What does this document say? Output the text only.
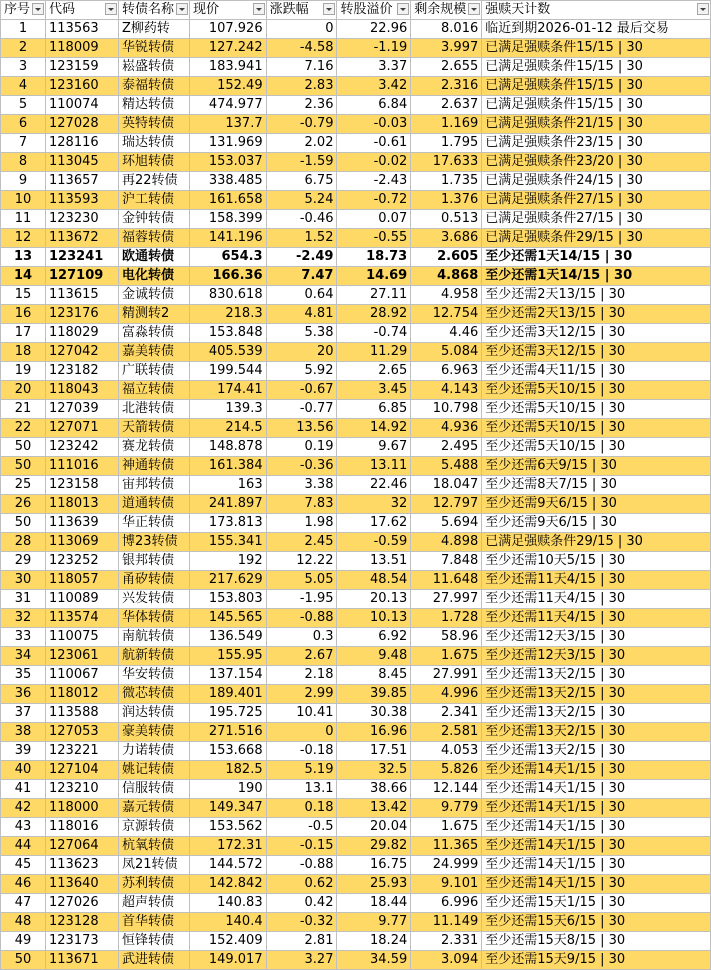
序号	代码	转债名称	现价	涨跌幅	转股溢价	剩余规模	强赎天计数

1	113563	Z柳药转	107.926	0	22.96	8.016	临近到期2026-01-12 最后交易
2	118009	华锐转债	127.242	-4.58	-1.19	3.997	已满足强赎条件15/15 | 30
3	123159	崧盛转债	183.941	7.16	3.37	2.655	已满足强赎条件15/15 | 30
4	123160	泰福转债	152.49	2.83	3.42	2.316	已满足强赎条件15/15 | 30
5	110074	精达转债	474.977	2.36	6.84	2.637	已满足强赎条件15/15 | 30
6	127028	英特转债	137.7	-0.79	-0.03	1.169	已满足强赎条件21/15 | 30
7	128116	瑞达转债	131.969	2.02	-0.61	1.795	已满足强赎条件23/15 | 30
8	113045	环旭转债	153.037	-1.59	-0.02	17.633	已满足强赎条件23/20 | 30
9	113657	再22转债	338.485	6.75	-2.43	1.735	已满足强赎条件24/15 | 30
10	113593	沪工转债	161.658	5.24	-0.72	1.376	已满足强赎条件27/15 | 30
11	123230	金钟转债	158.399	-0.46	0.07	0.513	已满足强赎条件27/15 | 30
12	113672	福蓉转债	141.196	1.52	-0.55	3.686	已满足强赎条件29/15 | 30
13	123241	欧通转债	654.3	-2.49	18.73	2.605	至少还需1天14/15 | 30
14	127109	电化转债	166.36	7.47	14.69	4.868	至少还需1天14/15 | 30
15	113615	金诚转债	830.618	0.64	27.11	4.958	至少还需2天13/15 | 30
16	123176	精测转2	218.3	4.81	28.92	12.754	至少还需2天13/15 | 30
17	118029	富淼转债	153.848	5.38	-0.74	4.46	至少还需3天12/15 | 30
18	127042	嘉美转债	405.539	20	11.29	5.084	至少还需3天12/15 | 30
19	123182	广联转债	199.544	5.92	2.65	6.963	至少还需4天11/15 | 30
20	118043	福立转债	174.41	-0.67	3.45	4.143	至少还需5天10/15 | 30
21	127039	北港转债	139.3	-0.77	6.85	10.798	至少还需5天10/15 | 30
22	127071	天箭转债	214.5	13.56	14.92	4.936	至少还需5天10/15 | 30
50	123242	赛龙转债	148.878	0.19	9.67	2.495	至少还需5天10/15 | 30
50	111016	神通转债	161.384	-0.36	13.11	5.488	至少还需6天9/15 | 30
25	123158	宙邦转债	163	3.38	22.46	18.047	至少还需8天7/15 | 30
26	118013	道通转债	241.897	7.83	32	12.797	至少还需9天6/15 | 30
50	113639	华正转债	173.813	1.98	17.62	5.694	至少还需9天6/15 | 30
28	113069	博23转债	155.341	2.45	-0.59	4.898	已满足强赎条件29/15 | 30
29	123252	银邦转债	192	12.22	13.51	7.848	至少还需10天5/15 | 30
30	118057	甬矽转债	217.629	5.05	48.54	11.648	至少还需11天4/15 | 30
31	110089	兴发转债	153.803	-1.95	20.13	27.997	至少还需11天4/15 | 30
32	113574	华体转债	145.565	-0.88	10.13	1.728	至少还需11天4/15 | 30
33	110075	南航转债	136.549	0.3	6.92	58.96	至少还需12天3/15 | 30
34	123061	航新转债	155.95	2.67	9.48	1.675	至少还需12天3/15 | 30
35	110067	华安转债	137.154	2.18	8.45	27.991	至少还需13天2/15 | 30
36	118012	微芯转债	189.401	2.99	39.85	4.996	至少还需13天2/15 | 30
37	113588	润达转债	195.725	10.41	30.38	2.341	至少还需13天2/15 | 30
38	127053	豪美转债	271.516	0	16.96	2.581	至少还需13天2/15 | 30
39	123221	力诺转债	153.668	-0.18	17.51	4.053	至少还需13天2/15 | 30
40	127104	姚记转债	182.5	5.19	32.5	5.826	至少还需14天1/15 | 30
41	123210	信服转债	190	13.1	38.66	12.144	至少还需14天1/15 | 30
42	118000	嘉元转债	149.347	0.18	13.42	9.779	至少还需14天1/15 | 30
43	118016	京源转债	153.562	-0.5	20.04	1.675	至少还需14天1/15 | 30
44	127064	杭氧转债	172.31	-0.15	29.82	11.365	至少还需14天1/15 | 30
45	113623	凤21转债	144.572	-0.88	16.75	24.999	至少还需14天1/15 | 30
46	113640	苏利转债	142.842	0.62	25.93	9.101	至少还需14天1/15 | 30
47	127026	超声转债	140.83	0.42	18.44	6.996	至少还需15天1/15 | 30
48	123128	首华转债	140.4	-0.32	9.77	11.149	至少还需15天6/15 | 30
49	123173	恒锋转债	152.409	2.81	18.24	2.331	至少还需15天8/15 | 30
50	113671	武进转债	149.017	3.27	34.59	3.094	至少还需15天9/15 | 30
